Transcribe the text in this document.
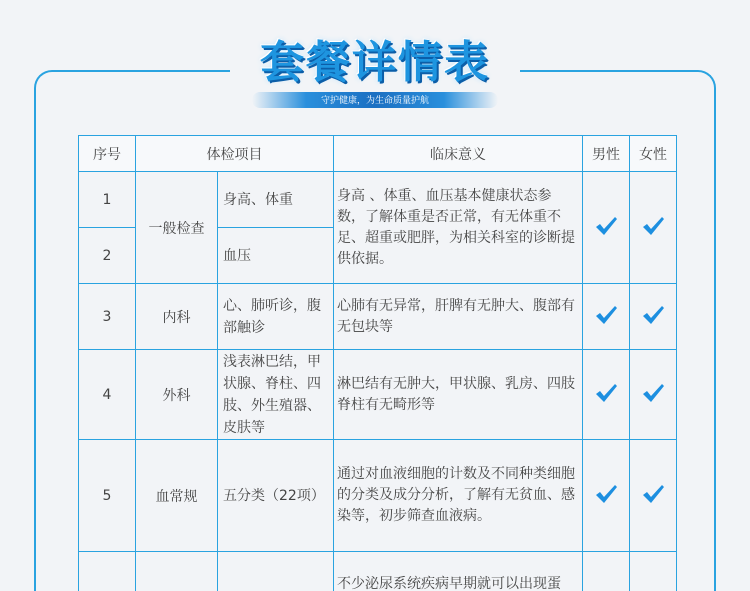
套餐详情表
守护健康，为生命质量护航
序号	体检项目		临床意义	男性	女性
1	一般检查	身高、体重	身高 、体重、血压基本健康状态参数，了解体重是否正常，有无体重不足、超重或肥胖，为相关科室的诊断提供依据。		
2		血压			
3	内科	心、肺听诊，腹部触诊	心肺有无异常，肝脾有无肿大、腹部有无包块等		
4	外科	浅表淋巴结，甲状腺、脊柱、四肢、外生殖器、皮肤等	淋巴结有无肿大，甲状腺、乳房、四肢脊柱有无畸形等		
5	血常规	五分类（22项）	通过对血液细胞的计数及不同种类细胞的分类及成分分析，了解有无贫血、感染等，初步筛查血液病。		
			不少泌尿系统疾病早期就可以出现蛋		
